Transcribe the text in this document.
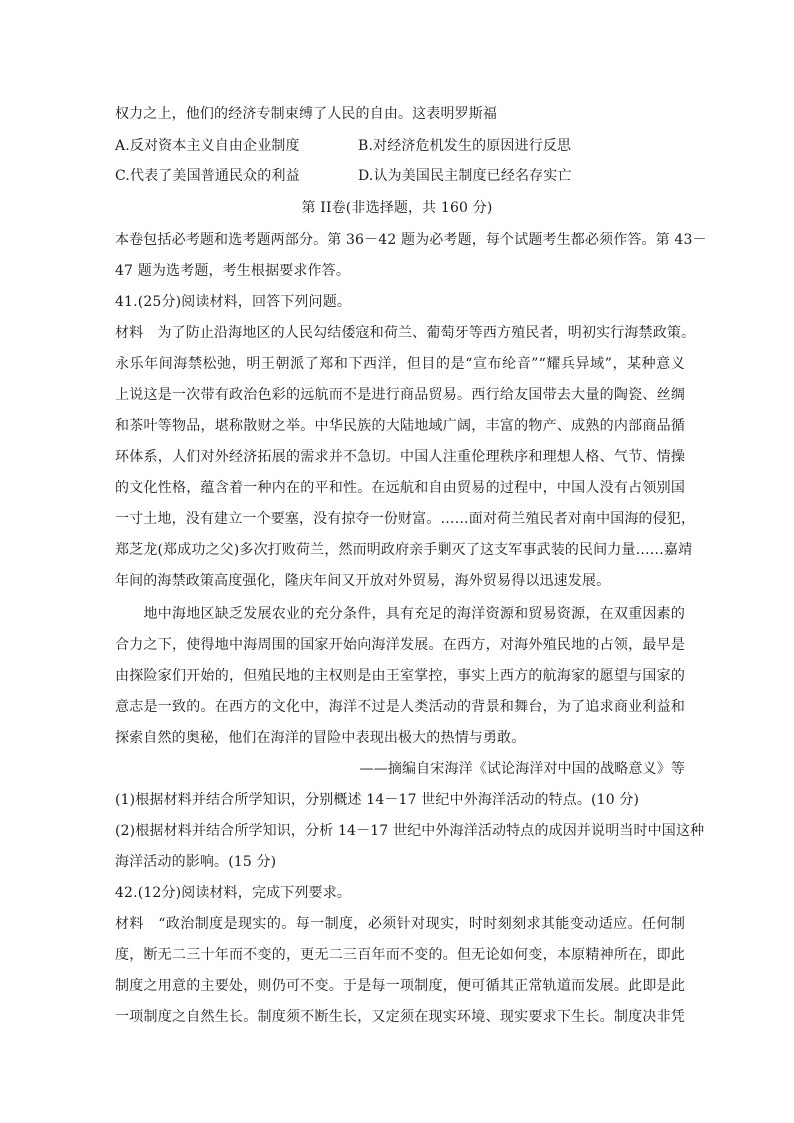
权力之上，他们的经济专制束缚了人民的自由。这表明罗斯福
A.反对资本主义自由企业制度	B.对经济危机发生的原因进行反思
C.代表了美国普通民众的利益	D.认为美国民主制度已经名存实亡
第 II卷(非选择题，共 160 分)
本卷包括必考题和选考题两部分。第 36－42 题为必考题，每个试题考生都必须作答。第 43－
47 题为选考题，考生根据要求作答。
41.(25分)阅读材料，回答下列问题。
材料　为了防止沿海地区的人民勾结倭寇和荷兰、葡萄牙等西方殖民者，明初实行海禁政策。
永乐年间海禁松弛，明王朝派了郑和下西洋，但目的是“宣布纶音”“耀兵异域”，某种意义
上说这是一次带有政治色彩的远航而不是进行商品贸易。西行给友国带去大量的陶瓷、丝绸
和茶叶等物品，堪称散财之举。中华民族的大陆地域广阔，丰富的物产、成熟的内部商品循
环体系，人们对外经济拓展的需求并不急切。中国人注重伦理秩序和理想人格、气节、情操
的文化性格，蕴含着一种内在的平和性。在远航和自由贸易的过程中，中国人没有占领别国
一寸土地，没有建立一个要塞，没有掠夺一份财富。……面对荷兰殖民者对南中国海的侵犯，
郑芝龙(郑成功之父)多次打败荷兰，然而明政府亲手剿灭了这支军事武装的民间力量……嘉靖
年间的海禁政策高度强化，隆庆年间又开放对外贸易，海外贸易得以迅速发展。
　　地中海地区缺乏发展农业的充分条件，具有充足的海洋资源和贸易资源，在双重因素的
合力之下，使得地中海周围的国家开始向海洋发展。在西方，对海外殖民地的占领，最早是
由探险家们开始的，但殖民地的主权则是由王室掌控，事实上西方的航海家的愿望与国家的
意志是一致的。在西方的文化中，海洋不过是人类活动的背景和舞台，为了追求商业利益和
探索自然的奥秘，他们在海洋的冒险中表现出极大的热情与勇敢。
——摘编自宋海洋《试论海洋对中国的战略意义》等
(1)根据材料并结合所学知识，分别概述 14－17 世纪中外海洋活动的特点。(10 分)
(2)根据材料并结合所学知识，分析 14－17 世纪中外海洋活动特点的成因并说明当时中国这种
海洋活动的影响。(15 分)
42.(12分)阅读材料，完成下列要求。
材料　“政治制度是现实的。每一制度，必须针对现实，时时刻刻求其能变动适应。任何制
度，断无二三十年而不变的，更无二三百年而不变的。但无论如何变，本原精神所在，即此
制度之用意的主要处，则仍可不变。于是每一项制度，便可循其正常轨道而发展。此即是此
一项制度之自然生长。制度须不断生长，又定须在现实环境、现实要求下生长。制度决非凭
